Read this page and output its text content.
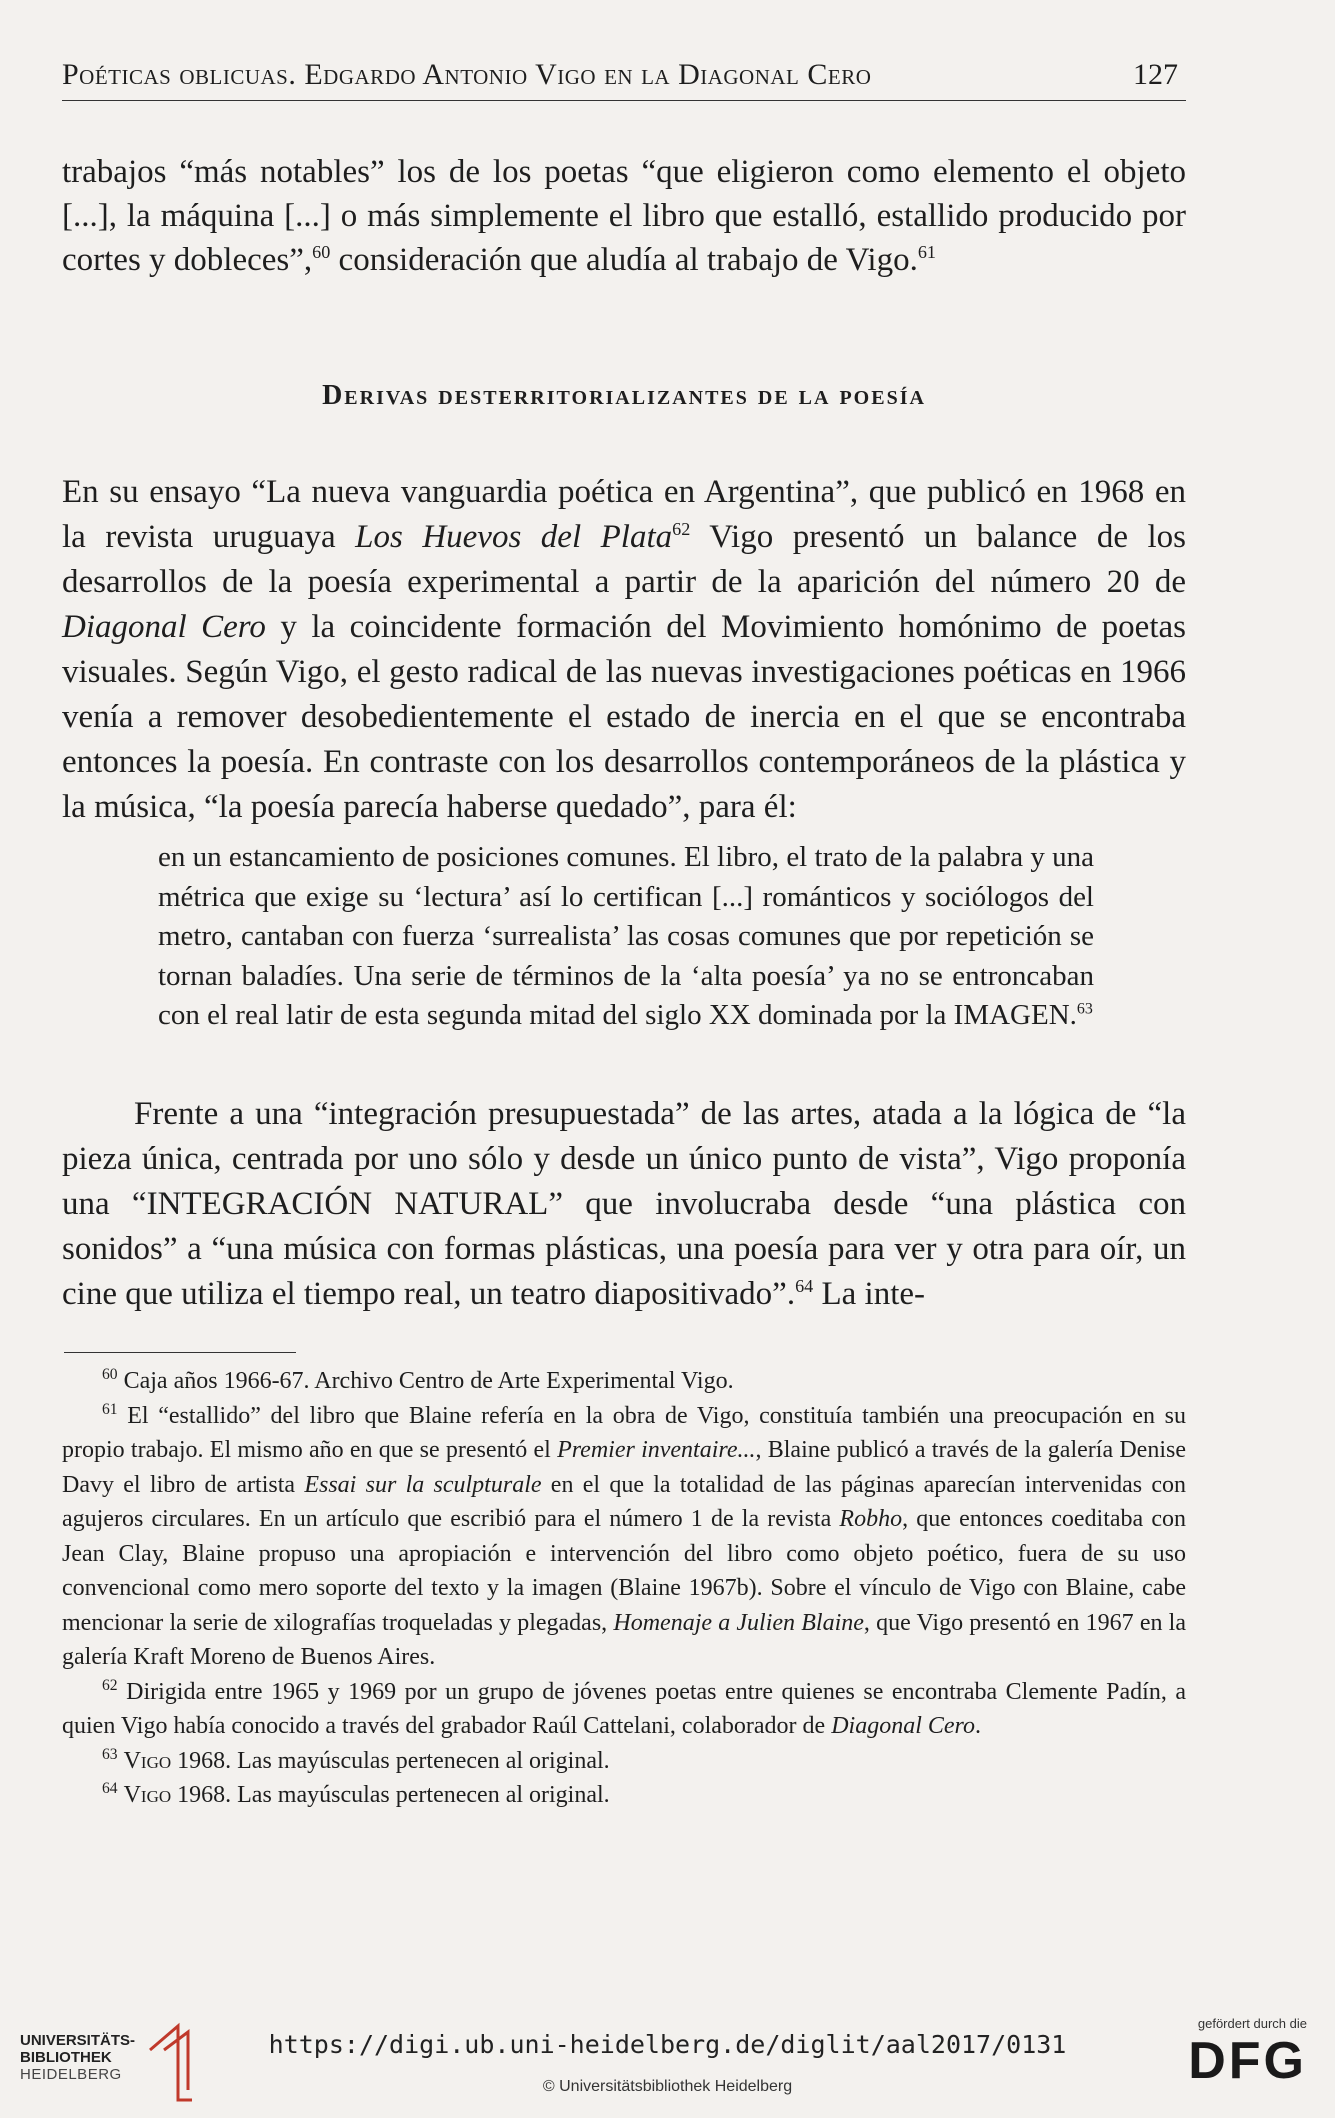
Poéticas oblicuas. Edgardo Antonio Vigo en la Diagonal Cero	127

trabajos “más notables” los de los poetas “que eligieron como elemento el objeto [...], la máquina [...] o más simplemente el libro que estalló, estallido producido por cortes y dobleces”,$^{60}$ consideración que aludía al trabajo de Vigo.$^{61}$

Derivas desterritorializantes de la poesía

En su ensayo “La nueva vanguardia poética en Argentina”, que publicó en 1968 en la revista uruguaya Los Huevos del Plata$^{62}$ Vigo presentó un balance de los desarrollos de la poesía experimental a partir de la aparición del número 20 de Diagonal Cero y la coincidente formación del Movimiento homónimo de poetas visuales. Según Vigo, el gesto radical de las nuevas investigaciones poéticas en 1966 venía a remover desobedientemente el estado de inercia en el que se encontraba entonces la poesía. En contraste con los desarrollos contemporáneos de la plástica y la música, “la poesía parecía haberse quedado”, para él:

en un estancamiento de posiciones comunes. El libro, el trato de la palabra y una métrica que exige su ‘lectura’ así lo certifican [...] románticos y sociólogos del metro, cantaban con fuerza ‘surrealista’ las cosas comunes que por repetición se tornan baladíes. Una serie de términos de la ‘alta poesía’ ya no se entroncaban con el real latir de esta segunda mitad del siglo XX dominada por la IMAGEN.$^{63}$

Frente a una “integración presupuestada” de las artes, atada a la lógica de “la pieza única, centrada por uno sólo y desde un único punto de vista”, Vigo proponía una “INTEGRACIÓN NATURAL” que involucraba desde “una plástica con sonidos” a “una música con formas plásticas, una poesía para ver y otra para oír, un cine que utiliza el tiempo real, un teatro diapositivado”.$^{64}$ La inte-

$^{60}$ Caja años 1966-67. Archivo Centro de Arte Experimental Vigo.

$^{61}$ El “estallido” del libro que Blaine refería en la obra de Vigo, constituía también una preocupación en su propio trabajo. El mismo año en que se presentó el Premier inventaire..., Blaine publicó a través de la galería Denise Davy el libro de artista Essai sur la sculpturale en el que la totalidad de las páginas aparecían intervenidas con agujeros circulares. En un artículo que escribió para el número 1 de la revista Robho, que entonces coeditaba con Jean Clay, Blaine propuso una apropiación e intervención del libro como objeto poético, fuera de su uso convencional como mero soporte del texto y la imagen (Blaine 1967b). Sobre el vínculo de Vigo con Blaine, cabe mencionar la serie de xilografías troqueladas y plegadas, Homenaje a Julien Blaine, que Vigo presentó en 1967 en la galería Kraft Moreno de Buenos Aires.

$^{62}$ Dirigida entre 1965 y 1969 por un grupo de jóvenes poetas entre quienes se encontraba Clemente Padín, a quien Vigo había conocido a través del grabador Raúl Cattelani, colaborador de Diagonal Cero.

$^{63}$ Vigo 1968. Las mayúsculas pertenecen al original.

$^{64}$ Vigo 1968. Las mayúsculas pertenecen al original.

UNIVERSITÄTS-
BIBLIOTHEK
HEIDELBERG
https://digi.ub.uni-heidelberg.de/diglit/aal2017/0131
© Universitätsbibliothek Heidelberg
gefördert durch die
DFG
